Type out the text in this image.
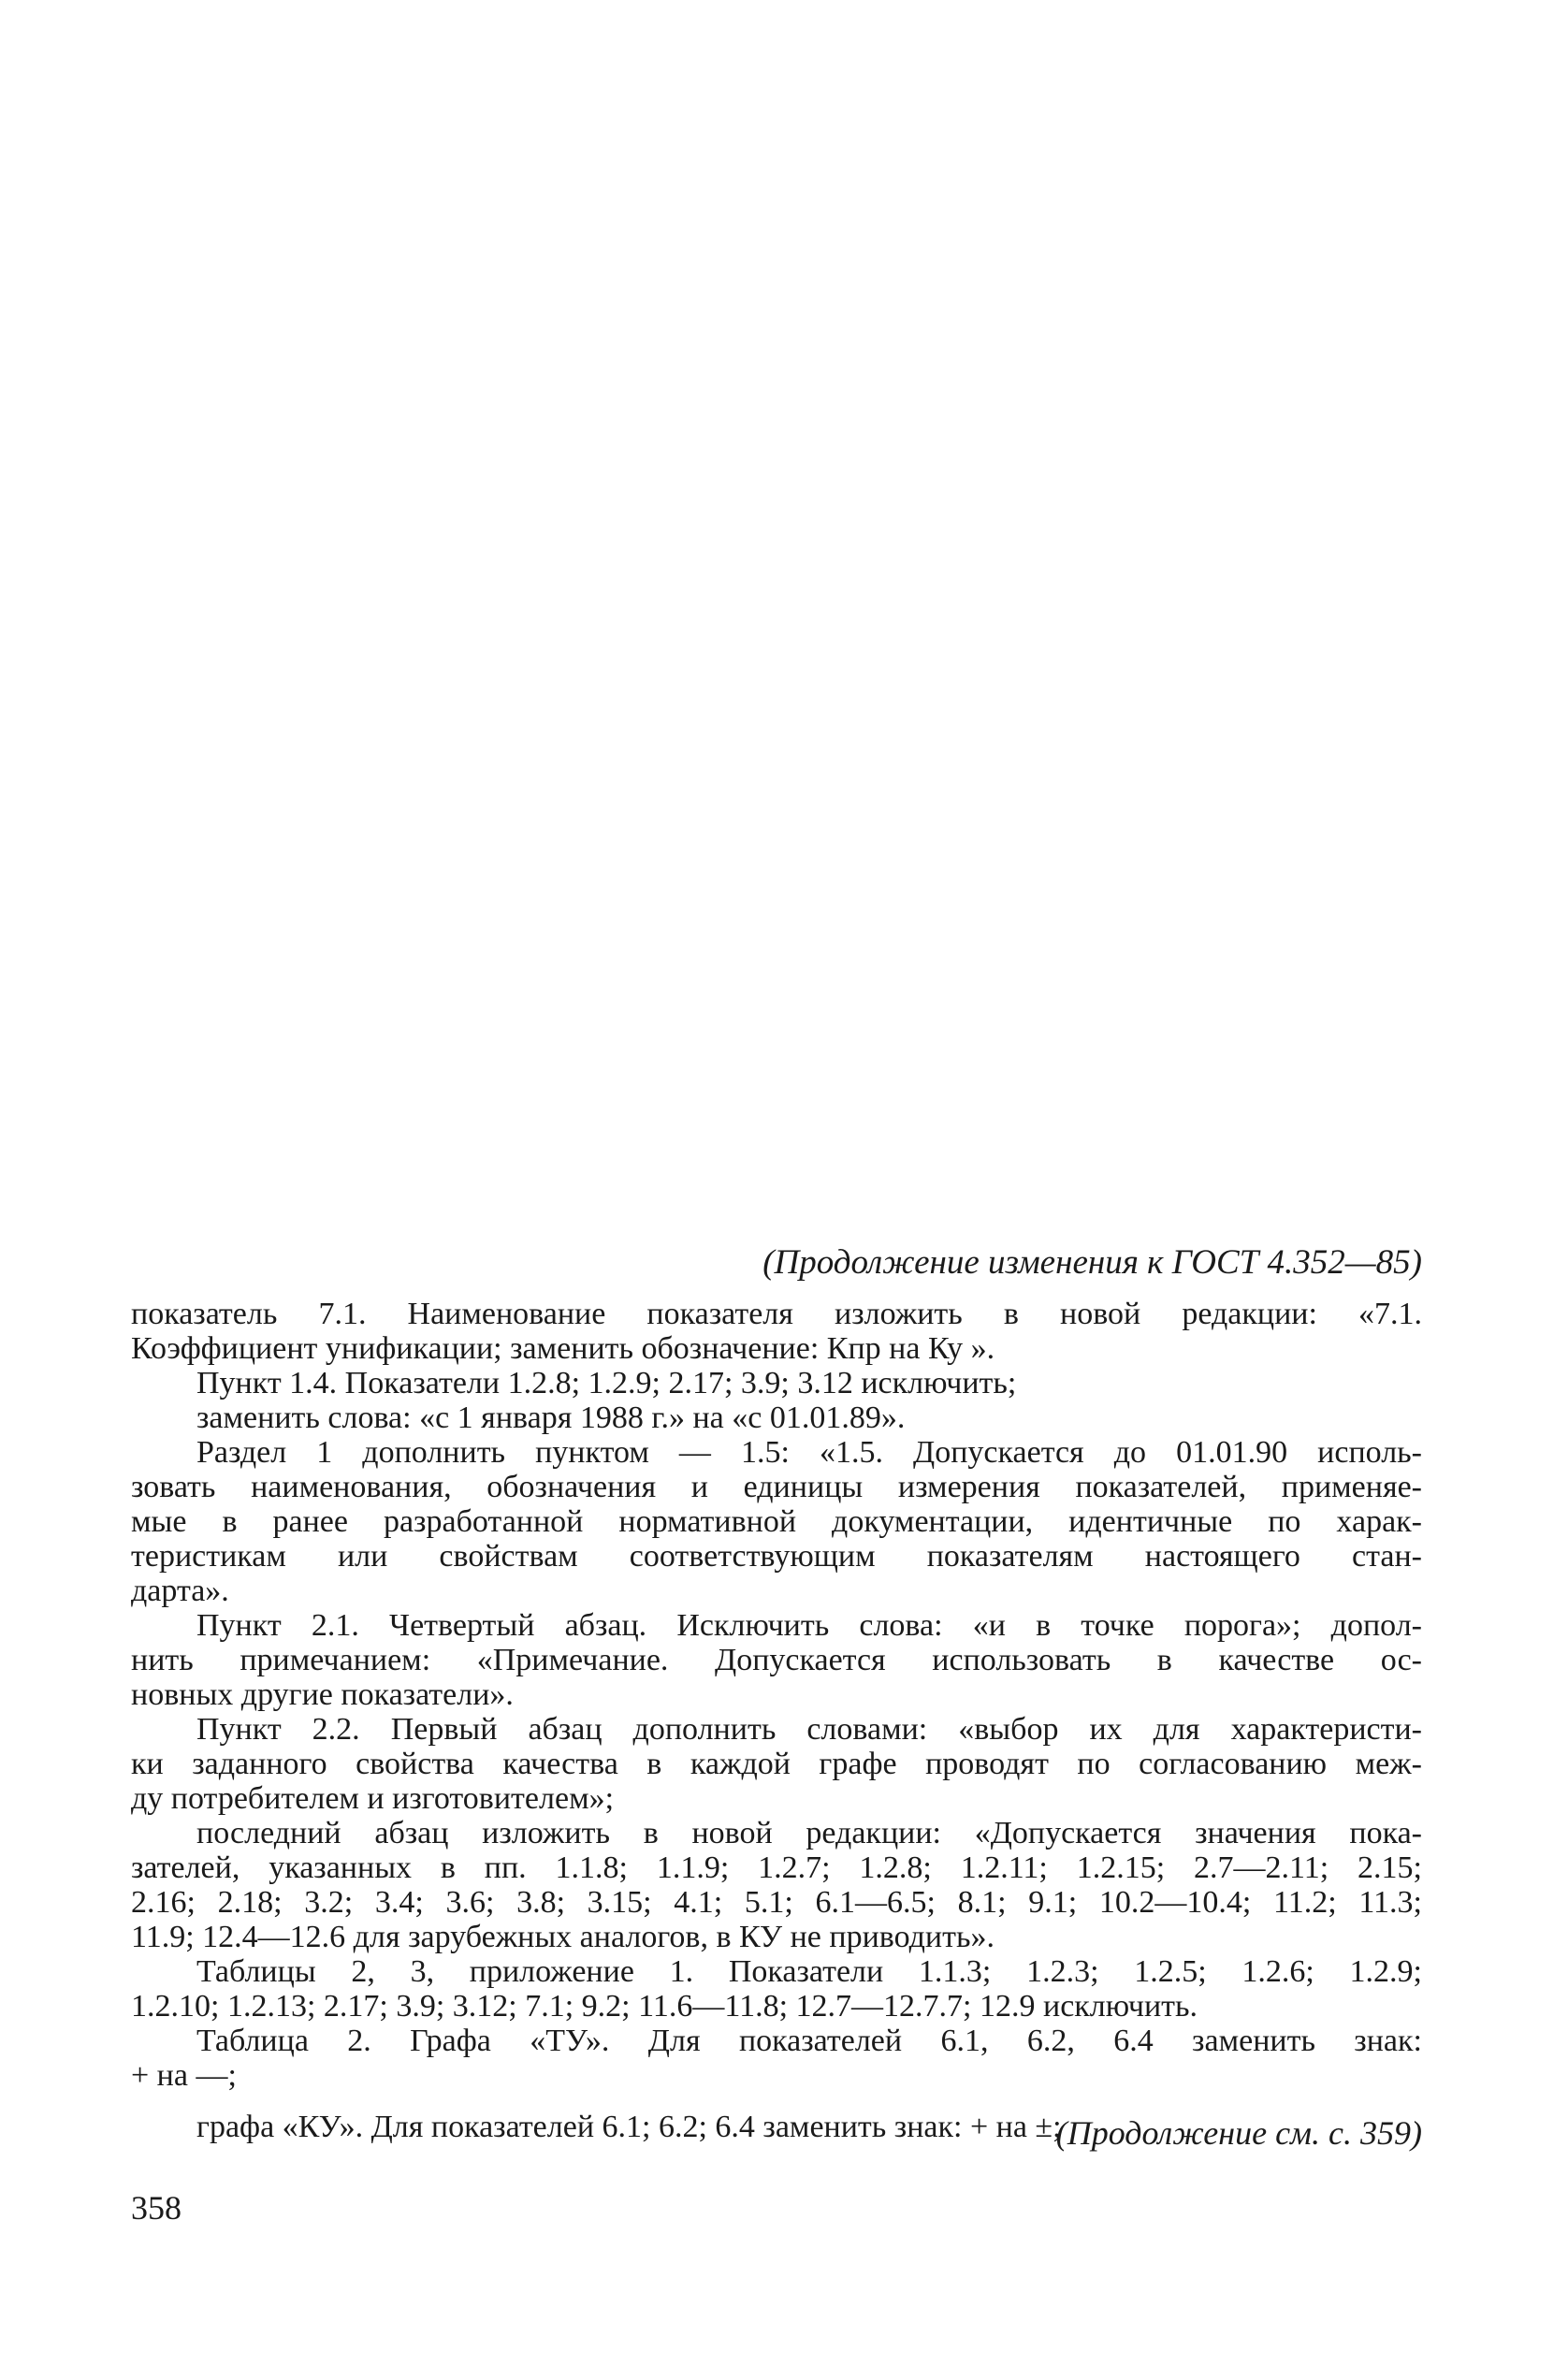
(Продолжение изменения к ГОСТ 4.352—85)
показатель 7.1. Наименование показателя изложить в новой редакции: «7.1.
Коэффициент унификации; заменить обозначение: Кпр на Ку ».
Пункт 1.4. Показатели 1.2.8; 1.2.9; 2.17; 3.9; 3.12 исключить;
заменить слова: «с 1 января 1988 г.» на «с 01.01.89».
Раздел 1 дополнить пунктом — 1.5: «1.5. Допускается до 01.01.90 исполь-
зовать наименования, обозначения и единицы измерения показателей, применяе-
мые в ранее разработанной нормативной документации, идентичные по харак-
теристикам или свойствам соответствующим показателям настоящего стан-
дарта».
Пункт 2.1. Четвертый абзац. Исключить слова: «и в точке порога»; допол-
нить примечанием: «Примечание. Допускается использовать в качестве ос-
новных другие показатели».
Пункт 2.2. Первый абзац дополнить словами: «выбор их для характеристи-
ки заданного свойства качества в каждой графе проводят по согласованию меж-
ду потребителем и изготовителем»;
последний абзац изложить в новой редакции: «Допускается значения пока-
зателей, указанных в пп. 1.1.8; 1.1.9; 1.2.7; 1.2.8; 1.2.11; 1.2.15; 2.7—2.11; 2.15;
2.16; 2.18; 3.2; 3.4; 3.6; 3.8; 3.15; 4.1; 5.1; 6.1—6.5; 8.1; 9.1; 10.2—10.4; 11.2; 11.3;
11.9; 12.4—12.6 для зарубежных аналогов, в КУ не приводить».
Таблицы 2, 3, приложение 1. Показатели 1.1.3; 1.2.3; 1.2.5; 1.2.6; 1.2.9;
1.2.10; 1.2.13; 2.17; 3.9; 3.12; 7.1; 9.2; 11.6—11.8; 12.7—12.7.7; 12.9 исключить.
Таблица 2. Графа «ТУ». Для показателей 6.1, 6.2, 6.4 заменить знак:
+ на —;
графа «КУ». Для показателей 6.1; 6.2; 6.4 заменить знак: + на ±;
(Продолжение см. с. 359)
358
